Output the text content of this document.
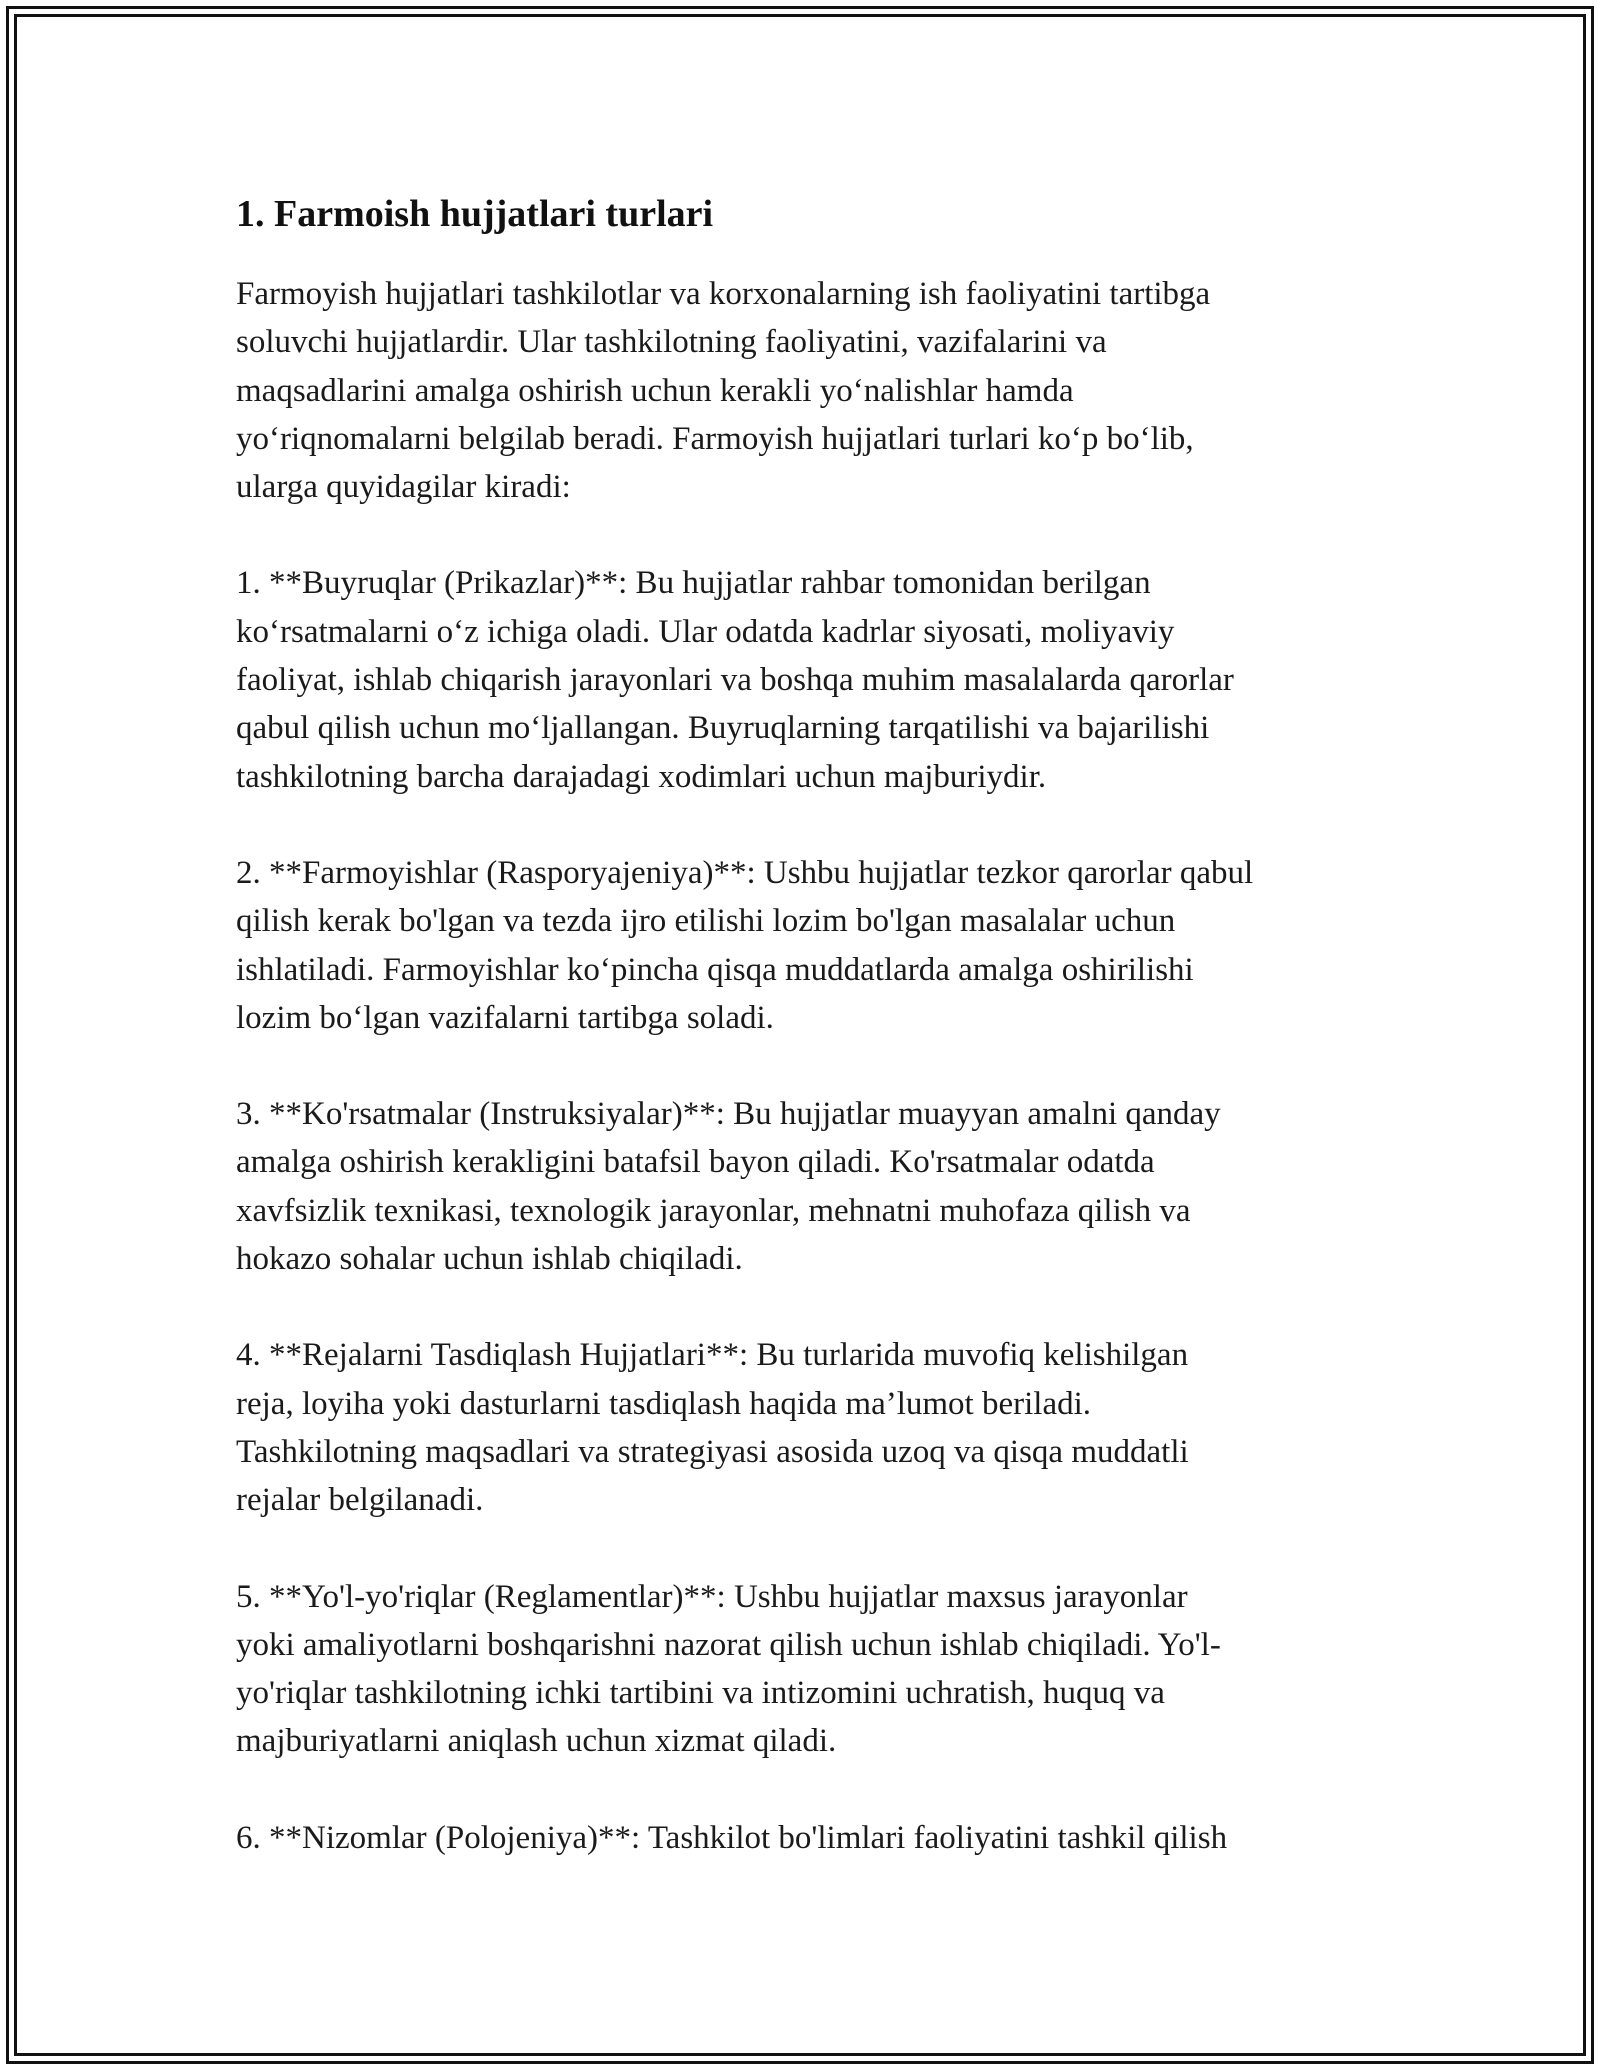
1. Farmoish hujjatlari turlari

Farmoyish hujjatlari tashkilotlar va korxonalarning ish faoliyatini tartibga
soluvchi hujjatlardir. Ular tashkilotning faoliyatini, vazifalarini va
maqsadlarini amalga oshirish uchun kerakli yo‘nalishlar hamda
yo‘riqnomalarni belgilab beradi. Farmoyish hujjatlari turlari ko‘p bo‘lib,
ularga quyidagilar kiradi:

1. **Buyruqlar (Prikazlar)**: Bu hujjatlar rahbar tomonidan berilgan
ko‘rsatmalarni o‘z ichiga oladi. Ular odatda kadrlar siyosati, moliyaviy
faoliyat, ishlab chiqarish jarayonlari va boshqa muhim masalalarda qarorlar
qabul qilish uchun mo‘ljallangan. Buyruqlarning tarqatilishi va bajarilishi
tashkilotning barcha darajadagi xodimlari uchun majburiydir.

2. **Farmoyishlar (Rasporyajeniya)**: Ushbu hujjatlar tezkor qarorlar qabul
qilish kerak bo'lgan va tezda ijro etilishi lozim bo'lgan masalalar uchun
ishlatiladi. Farmoyishlar ko‘pincha qisqa muddatlarda amalga oshirilishi
lozim bo‘lgan vazifalarni tartibga soladi.

3. **Ko'rsatmalar (Instruksiyalar)**: Bu hujjatlar muayyan amalni qanday
amalga oshirish kerakligini batafsil bayon qiladi. Ko'rsatmalar odatda
xavfsizlik texnikasi, texnologik jarayonlar, mehnatni muhofaza qilish va
hokazo sohalar uchun ishlab chiqiladi.

4. **Rejalarni Tasdiqlash Hujjatlari**: Bu turlarida muvofiq kelishilgan
reja, loyiha yoki dasturlarni tasdiqlash haqida ma’lumot beriladi.
Tashkilotning maqsadlari va strategiyasi asosida uzoq va qisqa muddatli
rejalar belgilanadi.

5. **Yo'l-yo'riqlar (Reglamentlar)**: Ushbu hujjatlar maxsus jarayonlar
yoki amaliyotlarni boshqarishni nazorat qilish uchun ishlab chiqiladi. Yo'l-
yo'riqlar tashkilotning ichki tartibini va intizomini uchratish, huquq va
majburiyatlarni aniqlash uchun xizmat qiladi.

6. **Nizomlar (Polojeniya)**: Tashkilot bo'limlari faoliyatini tashkil qilish
